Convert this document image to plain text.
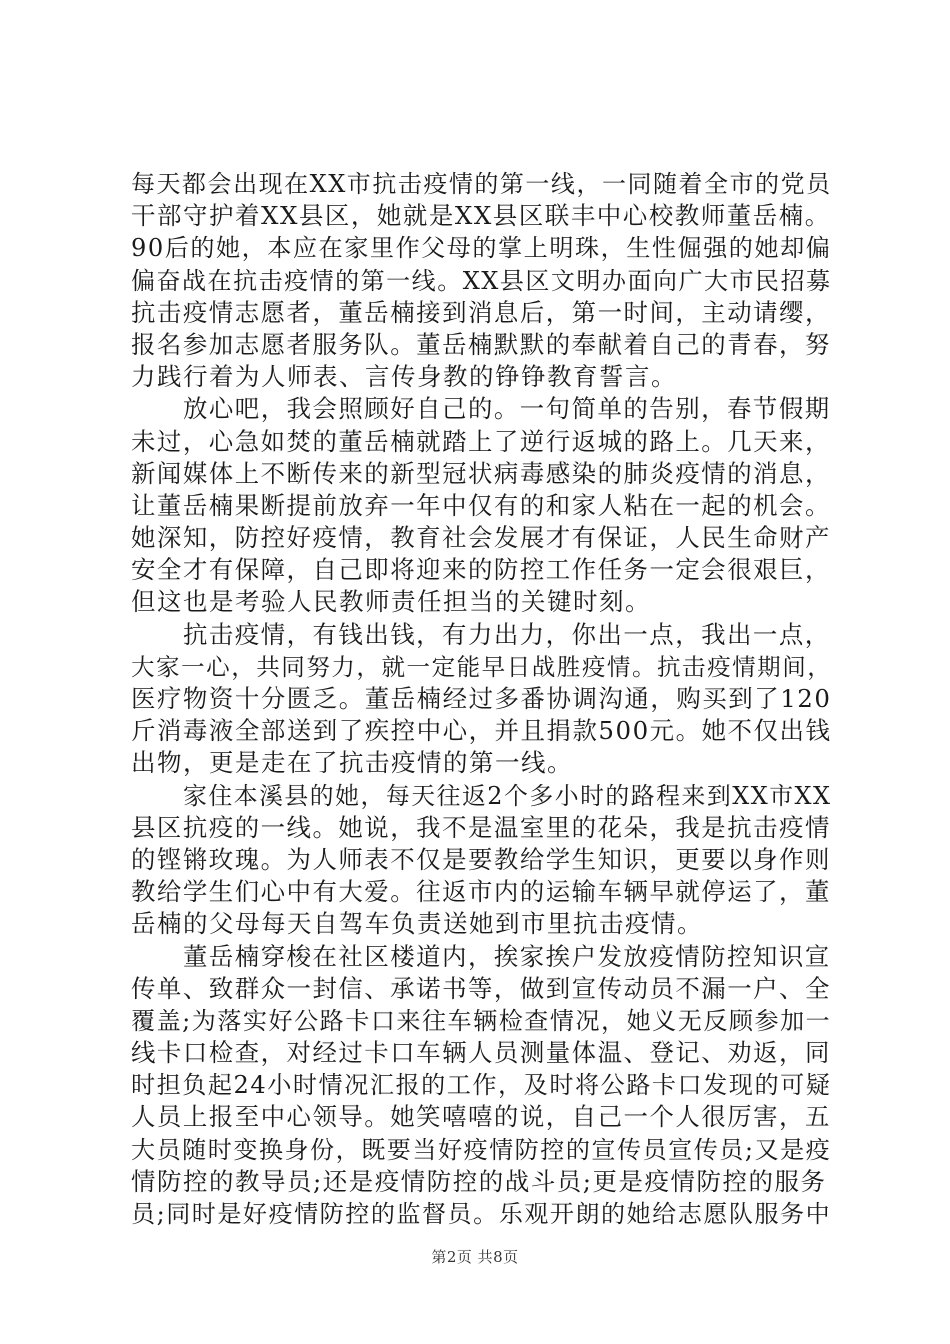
每天都会出现在XX市抗击疫情的第一线，一同随着全市的党员
干部守护着XX县区，她就是XX县区联丰中心校教师董岳楠。
90后的她，本应在家里作父母的掌上明珠，生性倔强的她却偏
偏奋战在抗击疫情的第一线。XX县区文明办面向广大市民招募
抗击疫情志愿者，董岳楠接到消息后，第一时间，主动请缨，
报名参加志愿者服务队。董岳楠默默的奉献着自己的青春，努
力践行着为人师表、言传身教的铮铮教育誓言。
放心吧，我会照顾好自己的。一句简单的告别，春节假期
未过，心急如焚的董岳楠就踏上了逆行返城的路上。几天来，
新闻媒体上不断传来的新型冠状病毒感染的肺炎疫情的消息，
让董岳楠果断提前放弃一年中仅有的和家人粘在一起的机会。
她深知，防控好疫情，教育社会发展才有保证，人民生命财产
安全才有保障，自己即将迎来的防控工作任务一定会很艰巨，
但这也是考验人民教师责任担当的关键时刻。
抗击疫情，有钱出钱，有力出力，你出一点，我出一点，
大家一心，共同努力，就一定能早日战胜疫情。抗击疫情期间，
医疗物资十分匮乏。董岳楠经过多番协调沟通，购买到了120
斤消毒液全部送到了疾控中心，并且捐款500元。她不仅出钱
出物，更是走在了抗击疫情的第一线。
家住本溪县的她，每天往返2个多小时的路程来到XX市XX
县区抗疫的一线。她说，我不是温室里的花朵，我是抗击疫情
的铿锵玫瑰。为人师表不仅是要教给学生知识，更要以身作则
教给学生们心中有大爱。往返市内的运输车辆早就停运了，董
岳楠的父母每天自驾车负责送她到市里抗击疫情。
董岳楠穿梭在社区楼道内，挨家挨户发放疫情防控知识宣
传单、致群众一封信、承诺书等，做到宣传动员不漏一户、全
覆盖;为落实好公路卡口来往车辆检查情况，她义无反顾参加一
线卡口检查，对经过卡口车辆人员测量体温、登记、劝返，同
时担负起24小时情况汇报的工作，及时将公路卡口发现的可疑
人员上报至中心领导。她笑嘻嘻的说，自己一个人很厉害，五
大员随时变换身份，既要当好疫情防控的宣传员宣传员;又是疫
情防控的教导员;还是疫情防控的战斗员;更是疫情防控的服务
员;同时是好疫情防控的监督员。乐观开朗的她给志愿队服务中
第2页 共8页
